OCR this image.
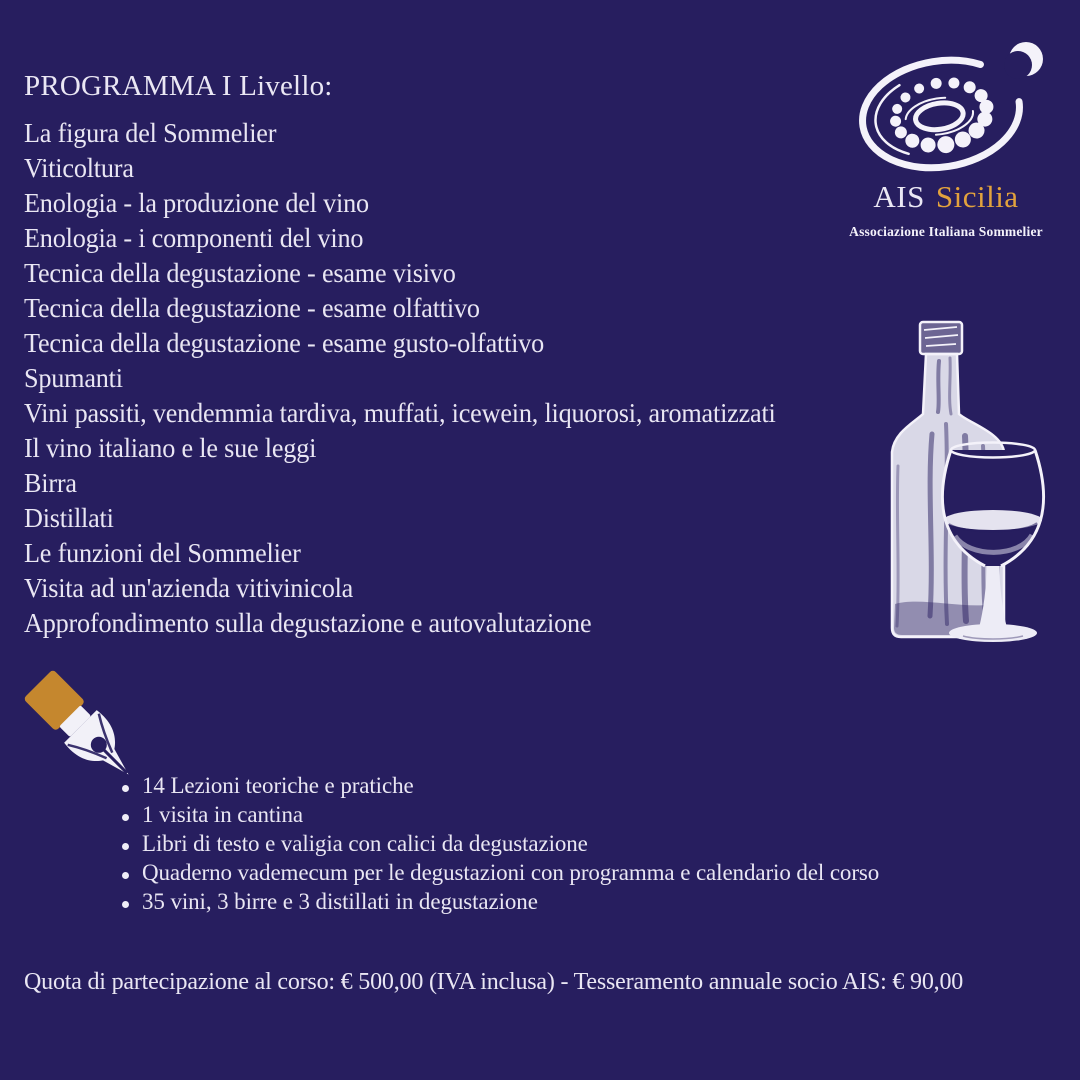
PROGRAMMA I Livello:
La figura del Sommelier
Viticoltura
Enologia - la produzione del vino
Enologia - i componenti del vino
Tecnica della degustazione - esame visivo
Tecnica della degustazione - esame olfattivo
Tecnica della degustazione - esame gusto-olfattivo
Spumanti
Vini passiti, vendemmia tardiva, muffati, icewein, liquorosi, aromatizzati
Il vino italiano e le sue leggi
Birra
Distillati
Le funzioni del Sommelier
Visita ad un'azienda vitivinicola
Approfondimento sulla degustazione e autovalutazione
AIS Sicilia
Associazione Italiana Sommelier
14 Lezioni teoriche e pratiche
1 visita in cantina
Libri di testo e valigia con calici da degustazione
Quaderno vademecum per le degustazioni con programma e calendario del corso
35 vini, 3 birre e 3 distillati in degustazione
Quota di partecipazione al corso: € 500,00 (IVA inclusa) - Tesseramento annuale socio AIS: € 90,00
